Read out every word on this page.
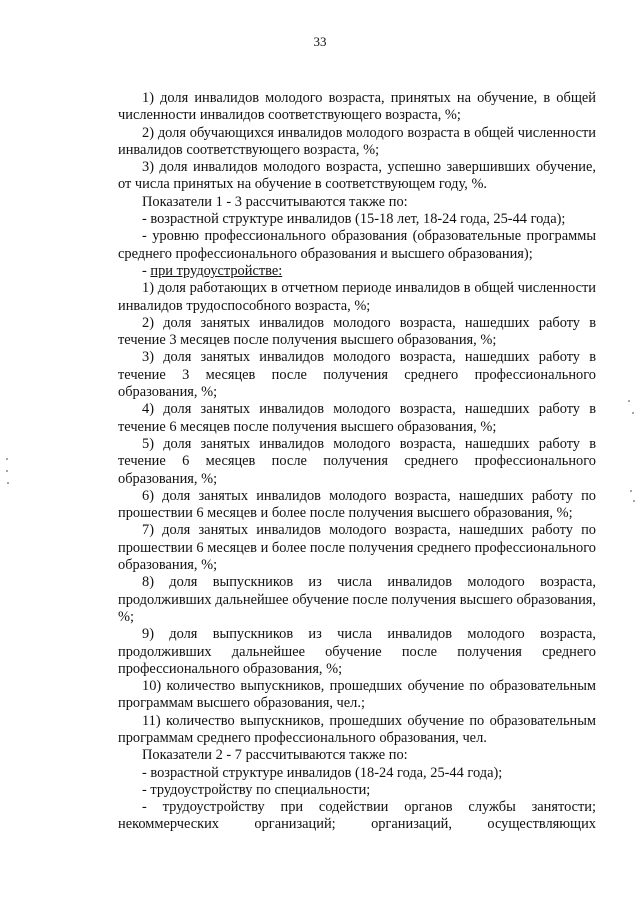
33

1) доля инвалидов молодого возраста, принятых на обучение, в общей численности инвалидов соответствующего возраста, %;

2) доля обучающихся инвалидов молодого возраста в общей численности инвалидов соответствующего возраста, %;

3) доля инвалидов молодого возраста, успешно завершивших обучение, от числа принятых на обучение в соответствующем году, %.

Показатели 1 - 3 рассчитываются также по:

- возрастной структуре инвалидов (15-18 лет, 18-24 года, 25-44 года);

- уровню профессионального образования (образовательные программы среднего профессионального образования и высшего образования);

- при трудоустройстве:

1) доля работающих в отчетном периоде инвалидов в общей численности инвалидов трудоспособного возраста, %;

2) доля занятых инвалидов молодого возраста, нашедших работу в течение 3 месяцев после получения высшего образования, %;

3) доля занятых инвалидов молодого возраста, нашедших работу в течение 3 месяцев после получения среднего профессионального образования, %;

4) доля занятых инвалидов молодого возраста, нашедших работу в течение 6 месяцев после получения высшего образования, %;

5) доля занятых инвалидов молодого возраста, нашедших работу в течение 6 месяцев после получения среднего профессионального образования, %;

6) доля занятых инвалидов молодого возраста, нашедших работу по прошествии 6 месяцев и более после получения высшего образования, %;

7) доля занятых инвалидов молодого возраста, нашедших работу по прошествии 6 месяцев и более после получения среднего профессионального образования, %;

8) доля выпускников из числа инвалидов молодого возраста, продолживших дальнейшее обучение после получения высшего образования, %;

9) доля выпускников из числа инвалидов молодого возраста, продолживших дальнейшее обучение после получения среднего профессионального образования, %;

10) количество выпускников, прошедших обучение по образовательным программам высшего образования, чел.;

11) количество выпускников, прошедших обучение по образовательным программам среднего профессионального образования, чел.

Показатели 2 - 7 рассчитываются также по:

- возрастной структуре инвалидов (18-24 года, 25-44 года);

- трудоустройству по специальности;

- трудоустройству при содействии органов службы занятости; некоммерческих организаций; организаций, осуществляющих
